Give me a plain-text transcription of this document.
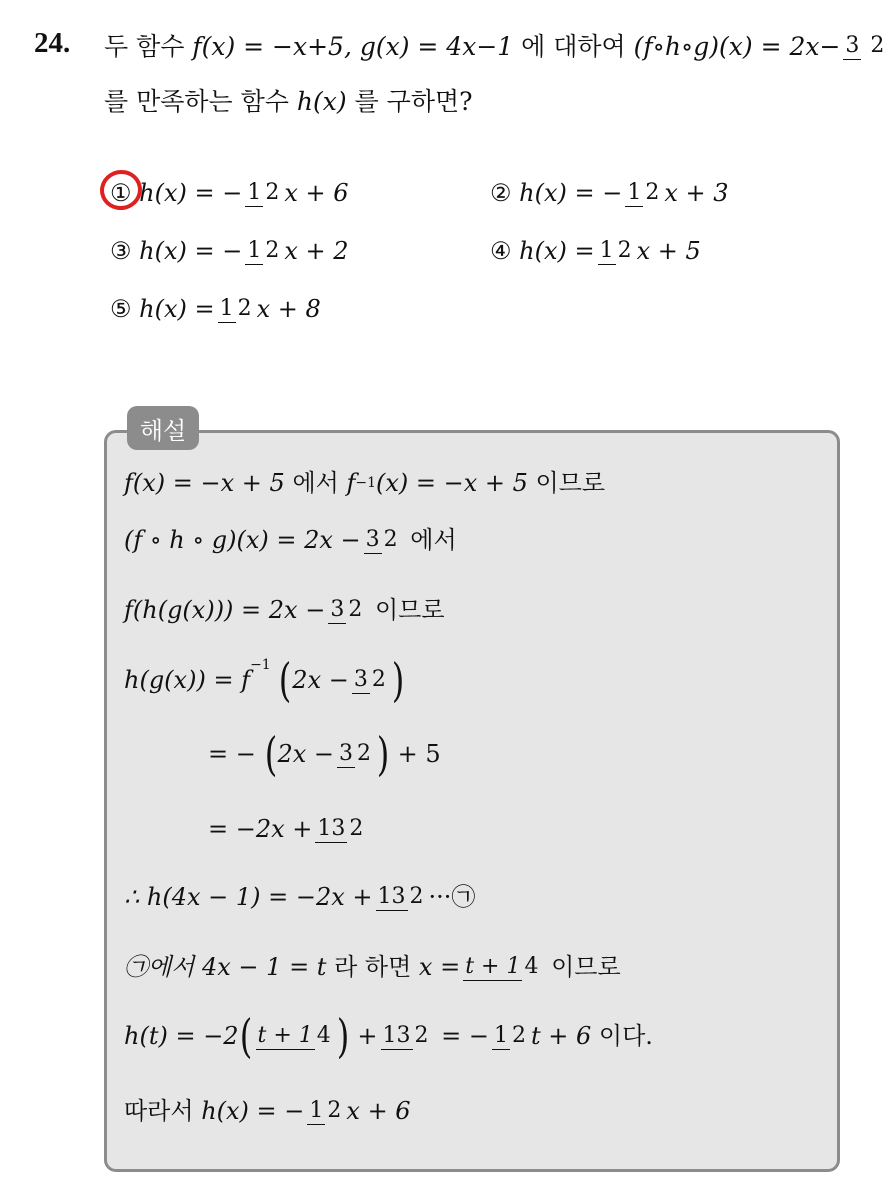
24. 두 함수
f(x) = −x+5,
g(x) = 4x−1
에 대하여
(f∘h∘g)(x) = 2x− 3 2
를 만족하는 함수
h(x)
를 구하면?
①
h(x) = − 1 2 x + 6	②
h(x) = − 1 2 x + 3
③
h(x) = − 1 2 x + 2	④
h(x) = 1 2 x + 5
⑤
h(x) = 1 2 x + 8
해설
f(x) = −x + 5
에서
f −1 (x) = −x + 5
이므로
(f ∘ h ∘ g)(x) = 2x − 3 2
에서
f(h(g(x))) = 2x − 3 2
이므로
h(g(x)) = f
$^{-1}$
( 2x − 3 2 )
= −
( 2x − 3 2 )
+ 5
= −2x + 13 2
∴ h(4x − 1) = −2x + 13 2 ···㉠
㉠에서 4x − 1 = t
라 하면
x = t + 1 4
이므로
h(t) = −2 ( t + 1 4 )
+ 13 2
= − 1 2 t + 6
이다.
따라서
h(x) = − 1 2 x + 6
